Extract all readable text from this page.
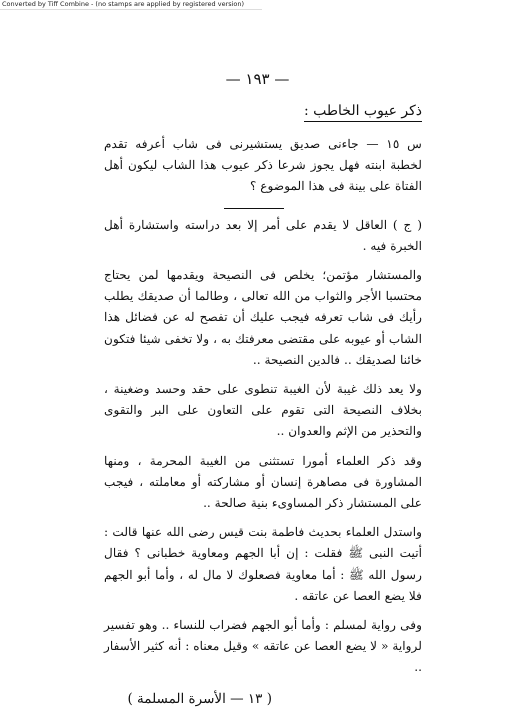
Converted by Tiff Combine - (no stamps are applied by registered version)
— ١٩٣ —
ذكر عيوب الخاطب :

س ١٥ — جاءنى صديق يستشيرنى فى شاب أعرفه تقدم لخطبة ابنته فهل يجوز شرعا ذكر عيوب هذا الشاب ليكون أهل الفتاة على بينة فى هذا الموضوع ؟

( ج ) العاقل لا يقدم على أمر إلا بعد دراسته واستشارة أهل الخبرة فيه .

والمستشار مؤتمن؛ يخلص فى النصيحة ويقدمها لمن يحتاج محتسبا الأجر والثواب من الله تعالى ، وطالما أن صديقك يطلب رأيك فى شاب تعرفه فيجب عليك أن تفصح له عن فضائل هذا الشاب أو عيوبه على مقتضى معرفتك به ، ولا تخفى شيئا فتكون خائنا لصديقك .. فالدين النصيحة ..

ولا يعد ذلك غيبة لأن الغيبة تنطوى على حقد وحسد وضغينة ، بخلاف النصيحة التى تقوم على التعاون على البر والتقوى والتحذير من الإثم والعدوان ..

وقد ذكر العلماء أمورا تستثنى من الغيبة المحرمة ، ومنها المشاورة فى مصاهرة إنسان أو مشاركته أو معاملته ، فيجب على المستشار ذكر المساوىء بنية صالحة ..

واستدل العلماء بحديث فاطمة بنت قيس رضى الله عنها قالت : أتيت النبى ﷺ فقلت : إن أبا الجهم ومعاوية خطبانى ؟ فقال رسول الله ﷺ : أما معاوية فصعلوك لا مال له ، وأما أبو الجهم فلا يضع العصا عن عاتقه .

وفى رواية لمسلم : وأما أبو الجهم فضراب للنساء .. وهو تفسير لرواية « لا يضع العصا عن عاتقه » وقيل معناه : أنه كثير الأسفار ..

( ١٣ — الأسرة المسلمة )
